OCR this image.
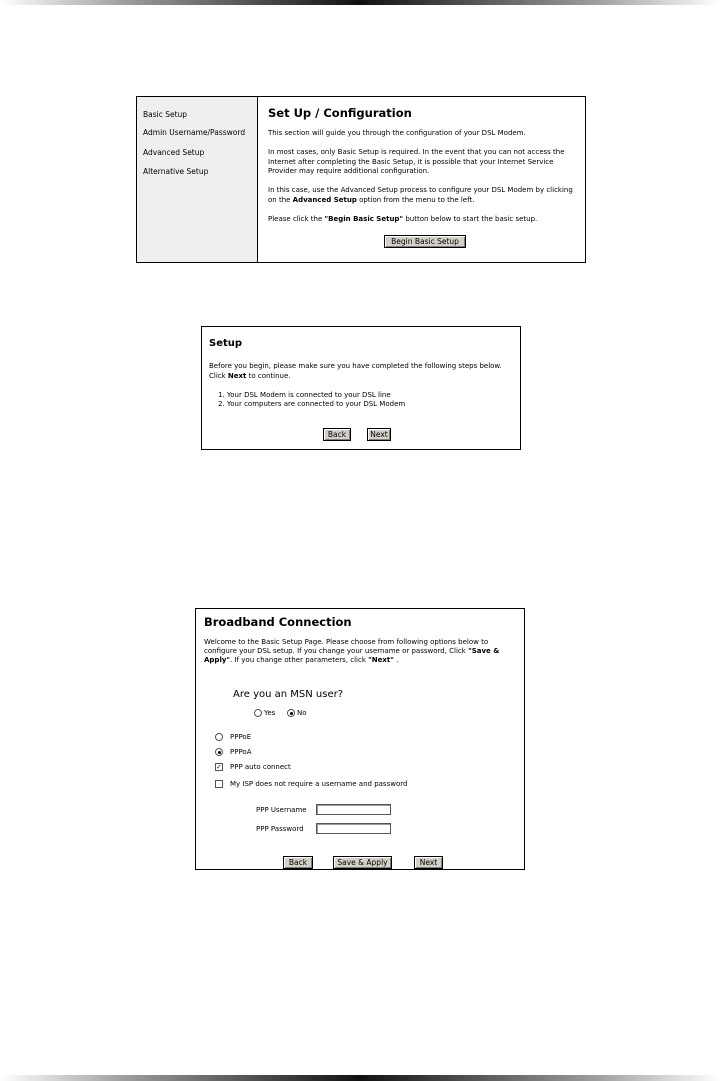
Basic Setup
Admin Username/Password
Advanced Setup
Alternative Setup
Set Up / Configuration
This section will guide you through the configuration of your DSL Modem.
In most cases, only Basic Setup is required. In the event that you can not access the Internet after completing the Basic Setup, it is possible that your Internet Service Provider may require additional configuration.
In this case, use the Advanced Setup process to configure your DSL Modem by clicking on the Advanced Setup option from the menu to the left.
Please click the "Begin Basic Setup" button below to start the basic setup.
Begin Basic Setup
Setup
Before you begin, please make sure you have completed the following steps below. Click Next to continue.
1. Your DSL Modem is connected to your DSL line
2. Your computers are connected to your DSL Modem
Back	Next
Broadband Connection
Welcome to the Basic Setup Page. Please choose from following options below to configure your DSL setup. If you change your username or password, Click "Save & Apply". If you change other parameters, click "Next" .
Are you an MSN user?
Yes	No
PPPoE
PPPoA
✓ PPP auto connect
My ISP does not require a username and password
PPP Username
PPP Password
Back	Save & Apply	Next
